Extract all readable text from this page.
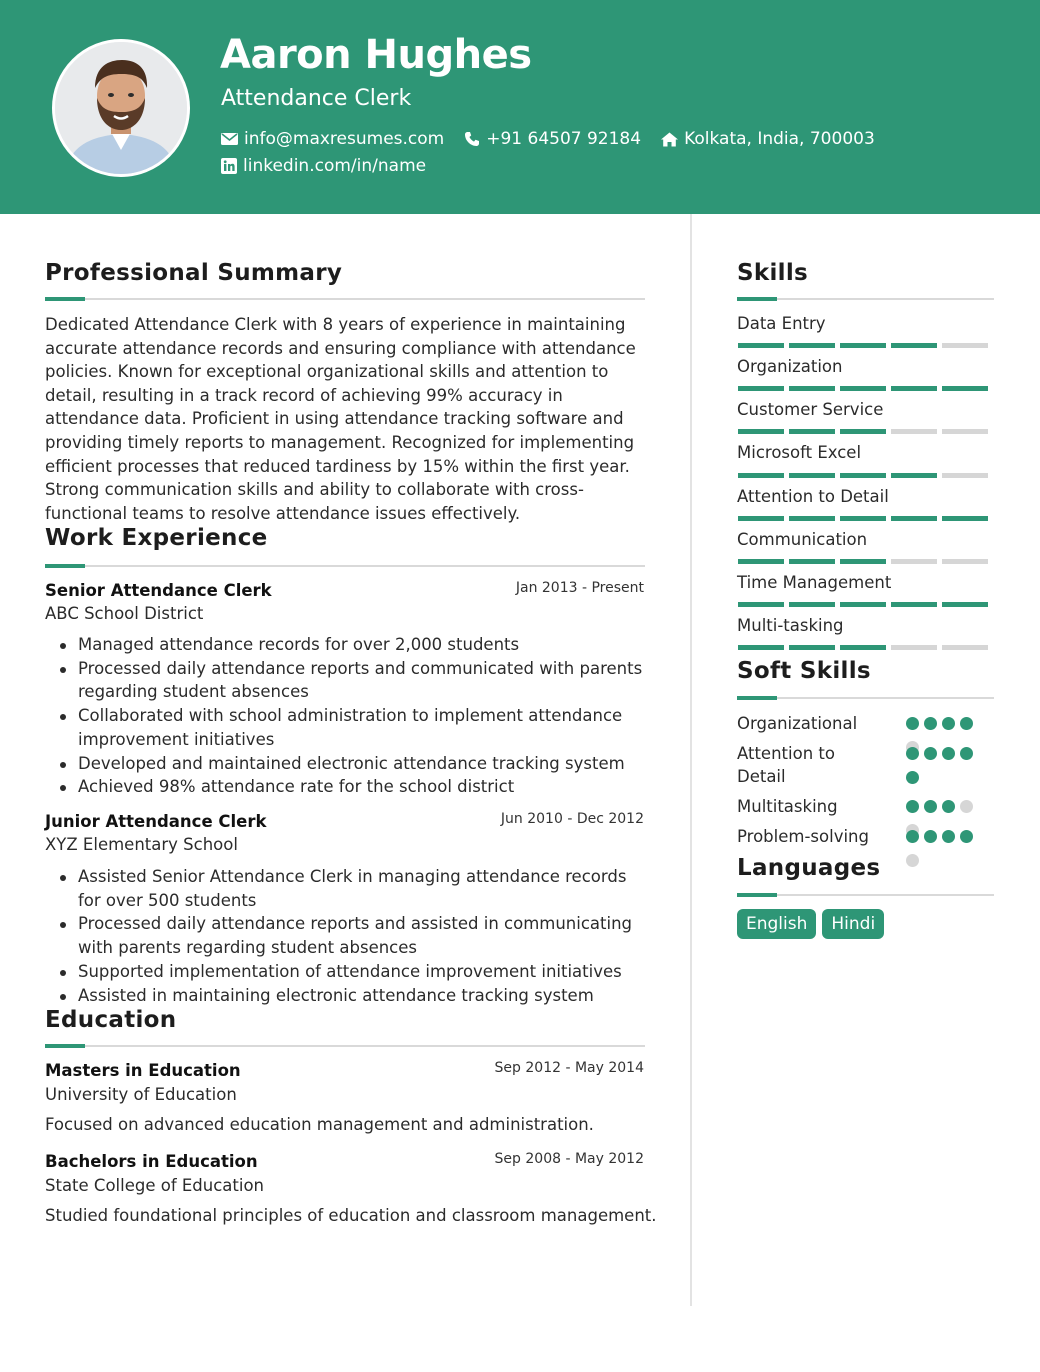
Aaron Hughes
Attendance Clerk
info@maxresumes.com +91 64507 92184	Kolkata, India, 700003
linkedin.com/in/name
Professional Summary
Dedicated Attendance Clerk with 8 years of experience in maintaining accurate attendance records and ensuring compliance with attendance policies. Known for exceptional organizational skills and attention to detail, resulting in a track record of achieving 99% accuracy in attendance data. Proficient in using attendance tracking software and providing timely reports to management. Recognized for implementing efficient processes that reduced tardiness by 15% within the first year. Strong communication skills and ability to collaborate with cross-functional teams to resolve attendance issues effectively.
Work Experience
Senior Attendance Clerk	Jan 2013 - Present
ABC School District
Managed attendance records for over 2,000 students
Processed daily attendance reports and communicated with parents regarding student absences
Collaborated with school administration to implement attendance improvement initiatives
Developed and maintained electronic attendance tracking system
Achieved 98% attendance rate for the school district
Junior Attendance Clerk	Jun 2010 - Dec 2012
XYZ Elementary School
Assisted Senior Attendance Clerk in managing attendance records for over 500 students
Processed daily attendance reports and assisted in communicating with parents regarding student absences
Supported implementation of attendance improvement initiatives
Assisted in maintaining electronic attendance tracking system
Education
Masters in Education	Sep 2012 - May 2014
University of Education
Focused on advanced education management and administration.
Bachelors in Education	Sep 2008 - May 2012
State College of Education
Studied foundational principles of education and classroom management.
Skills
Data Entry
Organization
Customer Service
Microsoft Excel
Attention to Detail
Communication
Time Management
Multi-tasking
Soft Skills
Organizational
Attention to Detail
Multitasking
Problem-solving
Languages
English	Hindi
